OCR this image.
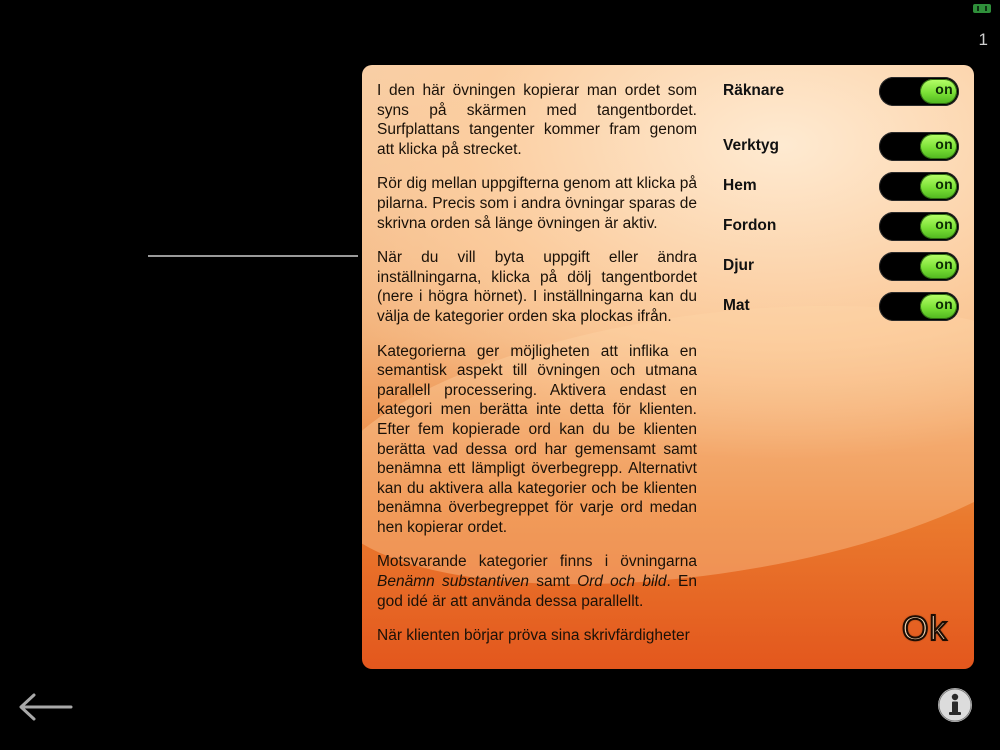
1

I den här övningen kopierar man ordet som syns på skärmen med tangentbordet. Surfplattans tangenter kommer fram genom att klicka på strecket.

Rör dig mellan uppgifterna genom att klicka på pilarna. Precis som i andra övningar sparas de skrivna orden så länge övningen är aktiv.

När du vill byta uppgift eller ändra inställningarna, klicka på dölj tangentbordet (nere i högra hörnet). I inställningarna kan du välja de kategorier orden ska plockas ifrån.

Kategorierna ger möjligheten att inflika en semantisk aspekt till övningen och utmana parallell processering. Aktivera endast en kategori men berätta inte detta för klienten. Efter fem kopierade ord kan du be klienten berätta vad dessa ord har gemensamt samt benämna ett lämpligt överbegrepp. Alternativt kan du aktivera alla kategorier och be klienten benämna överbegreppet för varje ord medan hen kopierar ordet.

Motsvarande kategorier finns i övningarna Benämn substantiven samt Ord och bild. En god idé är att använda dessa parallellt.

När klienten börjar pröva sina skrivfärdigheter

Räknare	on
Verktyg	on
Hem	on
Fordon	on
Djur	on
Mat	on
Ok
